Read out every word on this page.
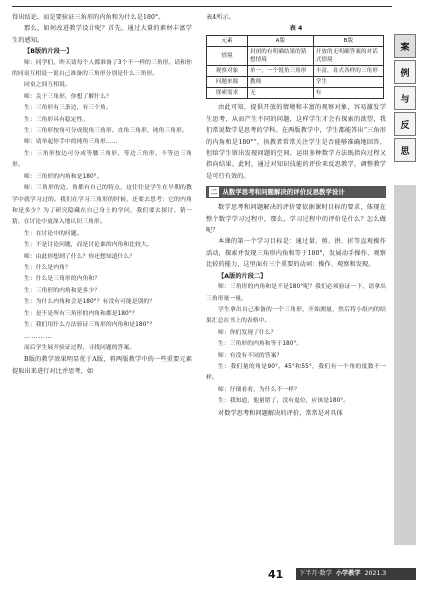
得出结论，而是要验证三角形的内角和为什么是180°。

那么，如何改进教学设计呢？首先，通过大量的素材丰富学生的感知。

【B版的片段一】

师：同学们，昨天请每个人都准备了3个不一样的三角形。请和你的同桌互相说一说自己准备的三角形分别是什么三角形。

同桌之间互相说。

师：关于三角形，你想了解什么？

生：三角形有三条边，有三个角。

生：三角形具有稳定性。

生：三角形按角可分成锐角三角形、直角三角形、钝角三角形。

师：请举起你手中的钝角三角形……

生：三角形按边可分成等腰三角形、等边三角形、不等边三角形。

师：三角形的内角和是180°。

师：三角形的边、角都有自己的特点，这往往是学生在早期的教学中就学习过的。我们在学习三角形的时候，还要去思考：它的内角和是多少？为了研究隐藏在自己身上的学问，我们要去探讨、猜一猜，在讨论中更深入地认识三角形。

生：在讨论中的问题。

生：不是讨论问题，而是讨论谁的内角和比较大。

师：由此你想到了什么？你还想知道什么？

生：什么是内角？

生：什么是三角形的内角和？

生：三角形的内角和是多少？

生：为什么内角和会是180°？有没有可能是别的？

生：是不是所有三角形的内角和都是180°？

生：我们用什么方法验证三角形的内角和是180°？

…………

而后学生展开验证过程，寻找问题的答案。

B版的教学效果明显优于A版，将两版教学中的一些重要元素提取出来进行对比并思考，如

表4所示。

表 4
元素	A版	B版
情境	封闭的有明确结果的猜想情境	开放的无明确答案的对话式情境
观察对象	单一，一个锐角三角形	丰富，各式各样的三角形
问题来源	教师	学生
探索需求	无	有

由此可知，提供开放的情境和丰富的观察对象，容易激发学生思考，从而产生不同的问题，这样学生才会有探索的欲望，我们常说数学是思考的学科。在两版教学中，学生都能答出“三角形的内角和是180°”，执教者常常关注学生是否能够准确地回答，但给学生留出发现问题的空间、运用多种数学方法既指向过程又指向结果。此时，通过对知识技能的评价来反思教学，调整教学是可行有效的。

二 从数学思考和问题解决的评价反思教学设计

数学思考和问题解决的评价要依据课时目标的要求，体现在整个数学学习过程中，那么，学习过程中的评价是什么？怎么做呢？

本课的第一个学习目标是：通过量、剪、拼、折等直观操作活动，探索并发现三角形内角和等于180°，发展动手操作、观察比较的能力，这里面有三个重要的动词：操作、观察和发现。

【A版的片段二】

师：三角形的内角和是不是180°呢？我们必须验证一下，请拿出三角形量一量。

学生拿出自己准备的一个三角形，开始测量，然后将小组内的结果汇总在书上的表格中。

师：你们发现了什么？

生：三角形的内角和等于180°。

师：有没有不同的答案？

生：我们量的角是90°、45°和55°，我们有一个角的度数不一样。

师：仔细看看，为什么不一样？

生：我知道，他量错了，没有退位，应该是180°。

对数学思考和问题解决的评价，常常是对具体

案
例
与
反
思
41	下半月·数学 小学教学 2021.3
